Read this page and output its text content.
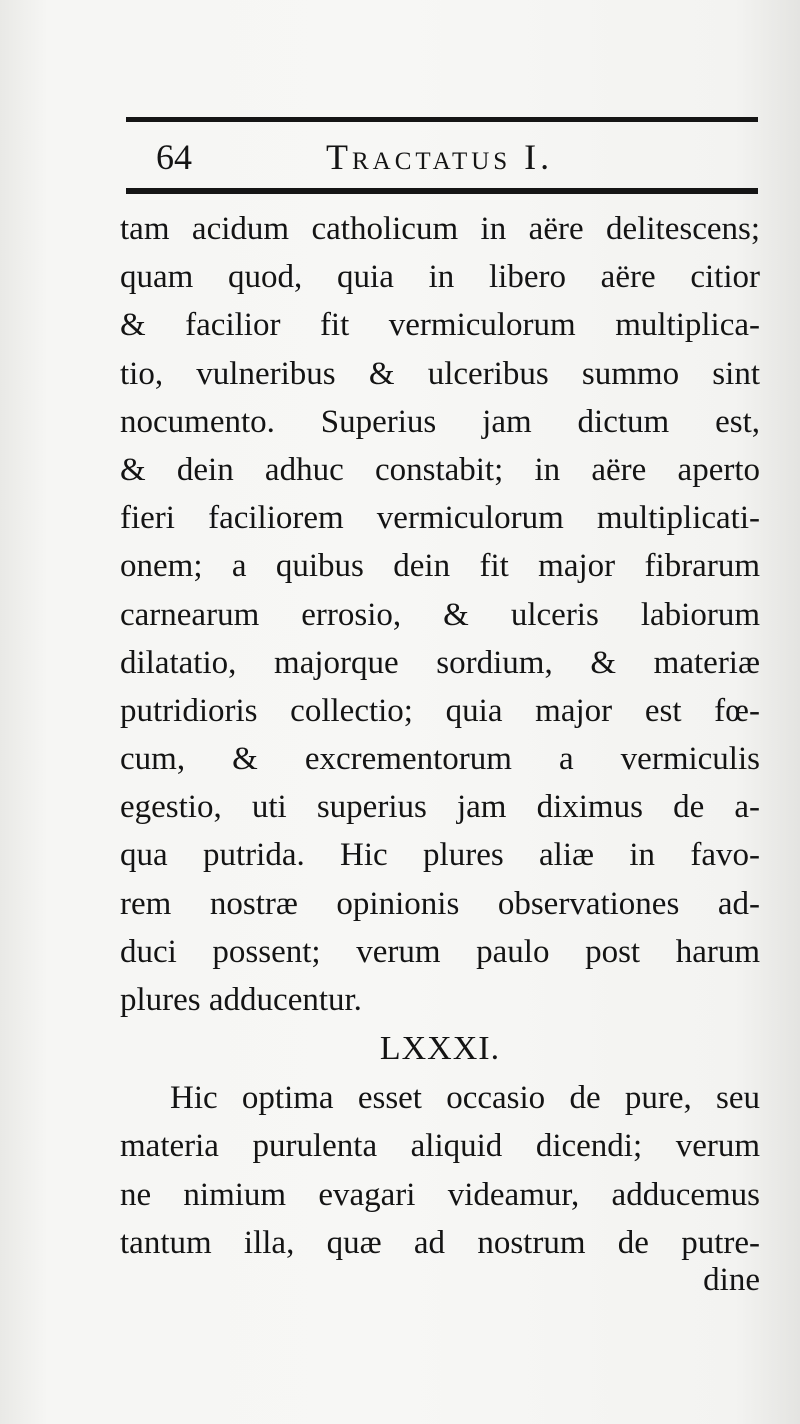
64	Tractatus I.
tam acidum catholicum in aëre delitescens;
quam quod, quia in libero aëre citior
& facilior fit vermiculorum multiplica-
tio, vulneribus & ulceribus summo sint
nocumento. Superius jam dictum est,
& dein adhuc constabit; in aëre aperto
fieri faciliorem vermiculorum multiplicati-
onem; a quibus dein fit major fibrarum
carnearum errosio, & ulceris labiorum
dilatatio, majorque sordium, & materiæ
putridioris collectio; quia major est fœ-
cum, & excrementorum a vermiculis
egestio, uti superius jam diximus de a-
qua putrida. Hic plures aliæ in favo-
rem nostræ opinionis observationes ad-
duci possent; verum paulo post harum
plures adducentur.
LXXXI.
Hic optima esset occasio de pure, seu
materia purulenta aliquid dicendi; verum
ne nimium evagari videamur, adducemus
tantum illa, quæ ad nostrum de putre-
dine
